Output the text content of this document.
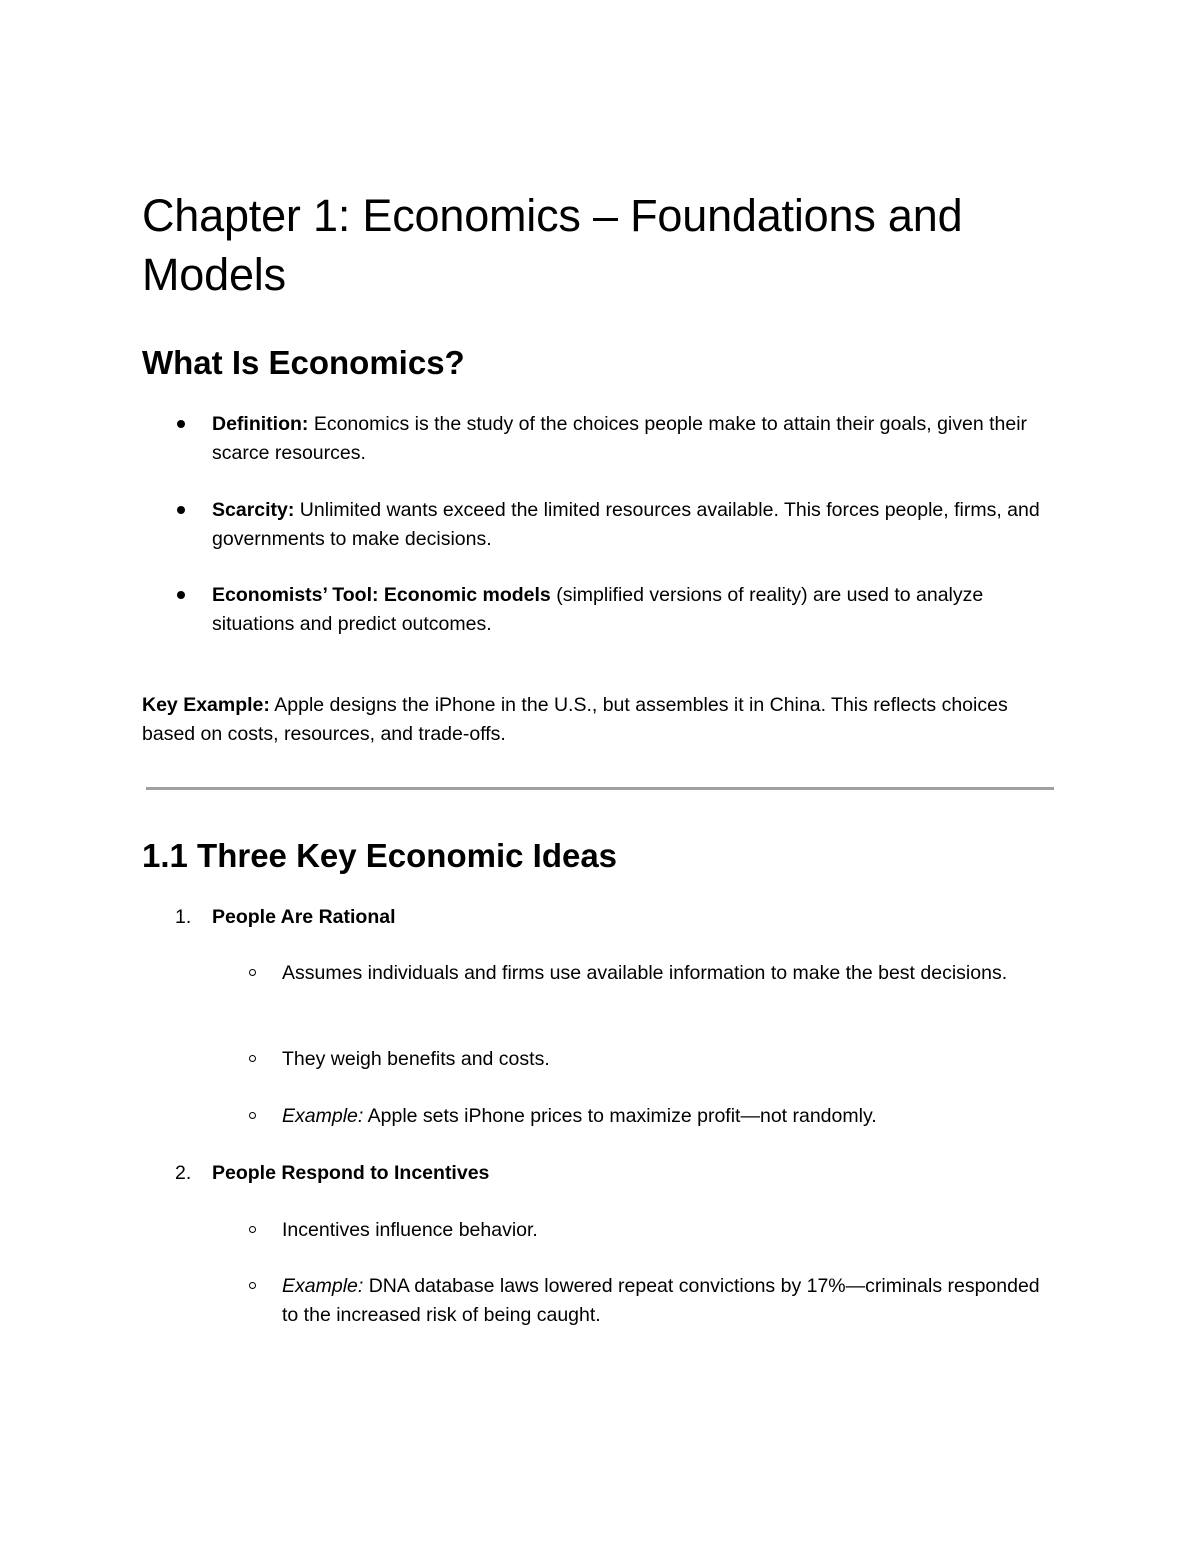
Chapter 1: Economics – Foundations and Models
What Is Economics?

Definition: Economics is the study of the choices people make to attain their goals, given their scarce resources.

Scarcity: Unlimited wants exceed the limited resources available. This forces people, firms, and governments to make decisions.

Economists’ Tool: Economic models (simplified versions of reality) are used to analyze situations and predict outcomes.

Key Example: Apple designs the iPhone in the U.S., but assembles it in China. This reflects choices based on costs, resources, and trade-offs.

1.1 Three Key Economic Ideas
1. People Are Rational

Assumes individuals and firms use available information to make the best decisions.

They weigh benefits and costs.

Example: Apple sets iPhone prices to maximize profit—not randomly.

2. People Respond to Incentives

Incentives influence behavior.

Example: DNA database laws lowered repeat convictions by 17%—criminals responded to the increased risk of being caught.
